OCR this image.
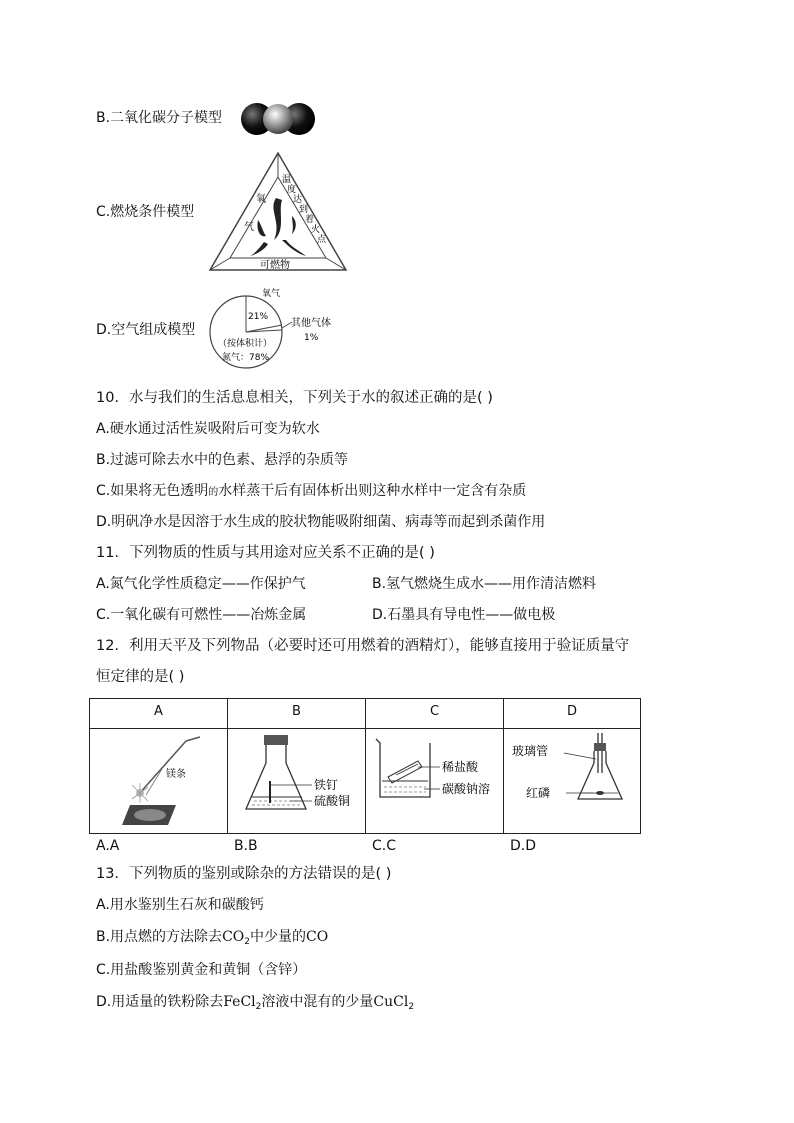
B.二氧化碳分子模型
C.燃烧条件模型
氧
气
温
度
达
到
着
火
点
可燃物
D.空气组成模型
氧气
21%
其他气体
1%
（按体积计）
氮气：78%
10．水与我们的生活息息相关，下列关于水的叙述正确的是( )
A.硬水通过活性炭吸附后可变为软水
B.过滤可除去水中的色素、悬浮的杂质等
C.如果将无色透明的水样蒸干后有固体析出则这种水样中一定含有杂质
D.明矾净水是因溶于水生成的胶状物能吸附细菌、病毒等而起到杀菌作用
11．下列物质的性质与其用途对应关系不正确的是( )
A.氮气化学性质稳定——作保护气	B.氢气燃烧生成水——用作清洁燃料
C.一氧化碳有可燃性——冶炼金属	D.石墨具有导电性——做电极
12．利用天平及下列物品（必要时还可用燃着的酒精灯），能够直接用于验证质量守
恒定律的是( )
A	B	C	D
镁条
铁钉
硫酸铜
稀盐酸
碳酸钠溶
玻璃管
红磷
A.A	B.B	C.C	D.D
13．下列物质的鉴别或除杂的方法错误的是( )
A.用水鉴别生石灰和碳酸钙
B.用点燃的方法除去$CO_2$中少量的CO
C.用盐酸鉴别黄金和黄铜（含锌）
D.用适量的铁粉除去FeCl$_2$溶液中混有的少量CuCl$_2$
